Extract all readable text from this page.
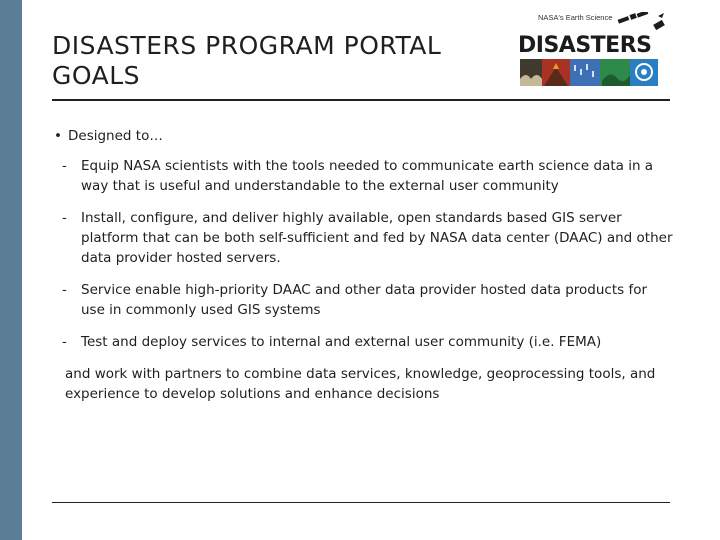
DISASTERS PROGRAM PORTAL
GOALS
NASA's Earth Science
DISASTERS
• Designed to…
-	Equip NASA scientists with the tools needed to communicate earth science data in a way that is useful and understandable to the external user community
-	Install, configure, and deliver highly available, open standards based GIS server platform that can be both self-sufficient and fed by NASA data center (DAAC) and other data provider hosted servers.
-	Service enable high-priority DAAC and other data provider hosted data products for use in commonly used GIS systems
-	Test and deploy services to internal and external user community (i.e. FEMA)

and work with partners to combine data services, knowledge, geoprocessing tools, and experience to develop solutions and enhance decisions
